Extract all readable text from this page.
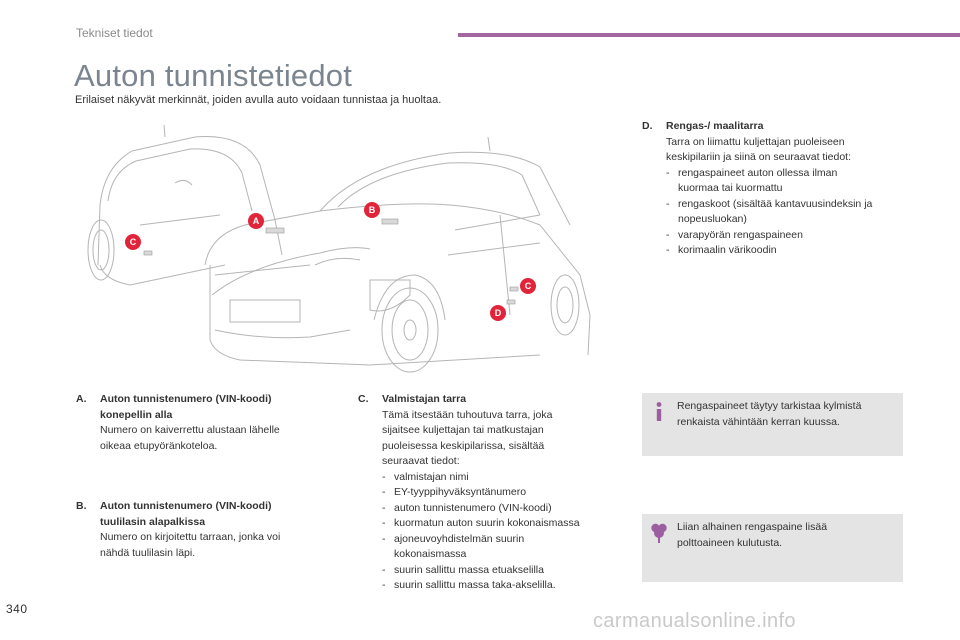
Tekniset tiedot
Auton tunnistetiedot
Erilaiset näkyvät merkinnät, joiden avulla auto voidaan tunnistaa ja huoltaa.
A
B
C
C
D
A.	Auton tunnistenumero (VIN-koodi)
konepellin alla
Numero on kaiverrettu alustaan lähelle
oikeaa etupyöränkoteloa.
B.	Auton tunnistenumero (VIN-koodi)
tuulilasin alapalkissa
Numero on kirjoitettu tarraan, jonka voi
nähdä tuulilasin läpi.
C.	Valmistajan tarra
Tämä itsestään tuhoutuva tarra, joka
sijaitsee kuljettajan tai matkustajan
puoleisessa keskipilarissa, sisältää
seuraavat tiedot:
- valmistajan nimi
- EY-tyyppihyväksyntänumero
- auton tunnistenumero (VIN-koodi)
- kuormatun auton suurin kokonaismassa
- ajoneuvoyhdistelmän suurin kokonaismassa
- suurin sallittu massa etuakselilla
- suurin sallittu massa taka-akselilla.
D.	Rengas-/ maalitarra
Tarra on liimattu kuljettajan puoleiseen
keskipilariin ja siinä on seuraavat tiedot:
- rengaspaineet auton ollessa ilman kuormaa tai kuormattu
- rengaskoot (sisältää kantavuusindeksin ja nopeusluokan)
- varapyörän rengaspaineen
- korimaalin värikoodin
Rengaspaineet täytyy tarkistaa kylmistä
renkaista vähintään kerran kuussa.
Liian alhainen rengaspaine lisää
polttoaineen kulutusta.
340
carmanualsonline.info
